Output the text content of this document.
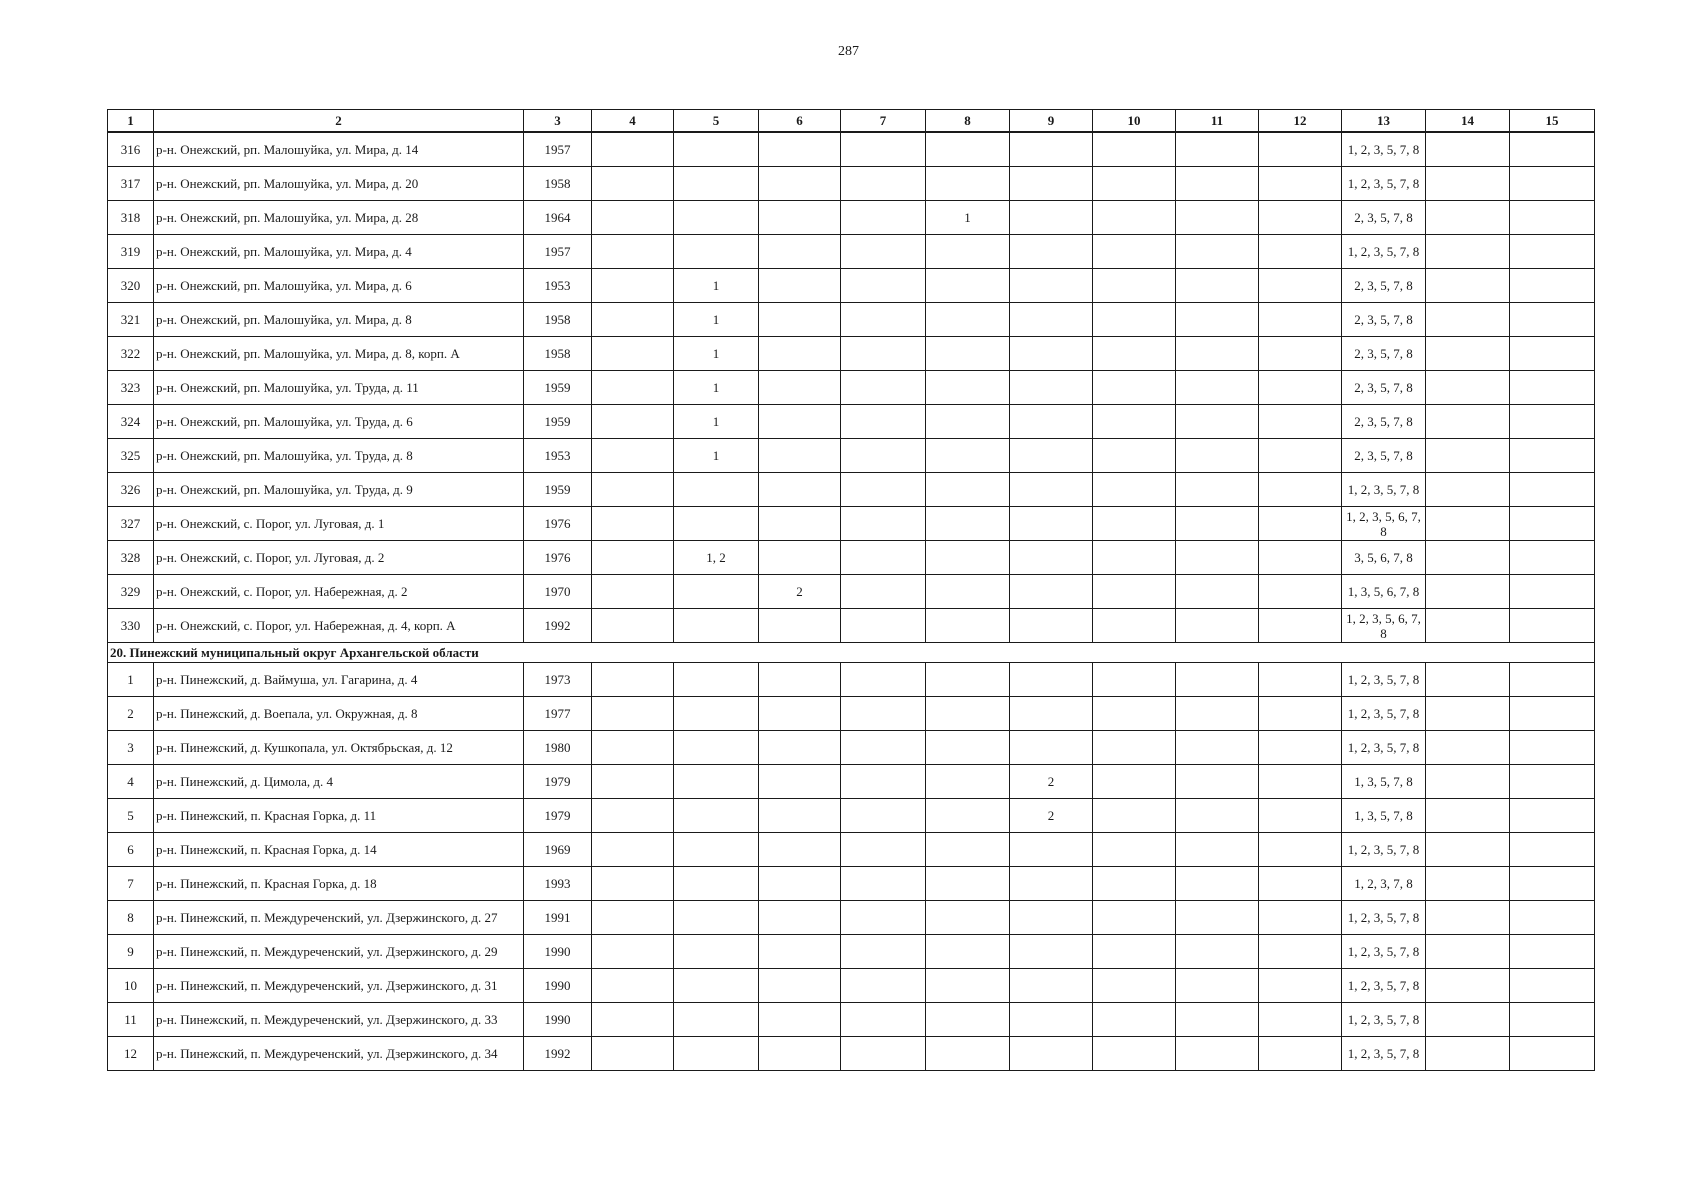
287
1	2	3	4	5	6	7	8	9	10	11	12	13	14	15
316	р-н. Онежский, рп. Малошуйка, ул. Мира, д. 14	1957										1, 2, 3, 5, 7, 8		
317	р-н. Онежский, рп. Малошуйка, ул. Мира, д. 20	1958										1, 2, 3, 5, 7, 8		
318	р-н. Онежский, рп. Малошуйка, ул. Мира, д. 28	1964					1					2, 3, 5, 7, 8		
319	р-н. Онежский, рп. Малошуйка, ул. Мира, д. 4	1957										1, 2, 3, 5, 7, 8		
320	р-н. Онежский, рп. Малошуйка, ул. Мира, д. 6	1953		1								2, 3, 5, 7, 8		
321	р-н. Онежский, рп. Малошуйка, ул. Мира, д. 8	1958		1								2, 3, 5, 7, 8		
322	р-н. Онежский, рп. Малошуйка, ул. Мира, д. 8, корп. А	1958		1								2, 3, 5, 7, 8		
323	р-н. Онежский, рп. Малошуйка, ул. Труда, д. 11	1959		1								2, 3, 5, 7, 8		
324	р-н. Онежский, рп. Малошуйка, ул. Труда, д. 6	1959		1								2, 3, 5, 7, 8		
325	р-н. Онежский, рп. Малошуйка, ул. Труда, д. 8	1953		1								2, 3, 5, 7, 8		
326	р-н. Онежский, рп. Малошуйка, ул. Труда, д. 9	1959										1, 2, 3, 5, 7, 8		
327	р-н. Онежский, с. Порог, ул. Луговая, д. 1	1976										1, 2, 3, 5, 6, 7, 8		
328	р-н. Онежский, с. Порог, ул. Луговая, д. 2	1976		1, 2								3, 5, 6, 7, 8		
329	р-н. Онежский, с. Порог, ул. Набережная, д. 2	1970			2							1, 3, 5, 6, 7, 8		
330	р-н. Онежский, с. Порог, ул. Набережная, д. 4, корп. А	1992										1, 2, 3, 5, 6, 7, 8		
20. Пинежский муниципальный округ Архангельской области														
1	р-н. Пинежский, д. Ваймуша, ул. Гагарина, д. 4	1973										1, 2, 3, 5, 7, 8		
2	р-н. Пинежский, д. Воепала, ул. Окружная, д. 8	1977										1, 2, 3, 5, 7, 8		
3	р-н. Пинежский, д. Кушкопала, ул. Октябрьская, д. 12	1980										1, 2, 3, 5, 7, 8		
4	р-н. Пинежский, д. Цимола, д. 4	1979						2				1, 3, 5, 7, 8		
5	р-н. Пинежский, п. Красная Горка, д. 11	1979						2				1, 3, 5, 7, 8		
6	р-н. Пинежский, п. Красная Горка, д. 14	1969										1, 2, 3, 5, 7, 8		
7	р-н. Пинежский, п. Красная Горка, д. 18	1993										1, 2, 3, 7, 8		
8	р-н. Пинежский, п. Междуреченский, ул. Дзержинского, д. 27	1991										1, 2, 3, 5, 7, 8		
9	р-н. Пинежский, п. Междуреченский, ул. Дзержинского, д. 29	1990										1, 2, 3, 5, 7, 8		
10	р-н. Пинежский, п. Междуреченский, ул. Дзержинского, д. 31	1990										1, 2, 3, 5, 7, 8		
11	р-н. Пинежский, п. Междуреченский, ул. Дзержинского, д. 33	1990										1, 2, 3, 5, 7, 8		
12	р-н. Пинежский, п. Междуреченский, ул. Дзержинского, д. 34	1992										1, 2, 3, 5, 7, 8		
